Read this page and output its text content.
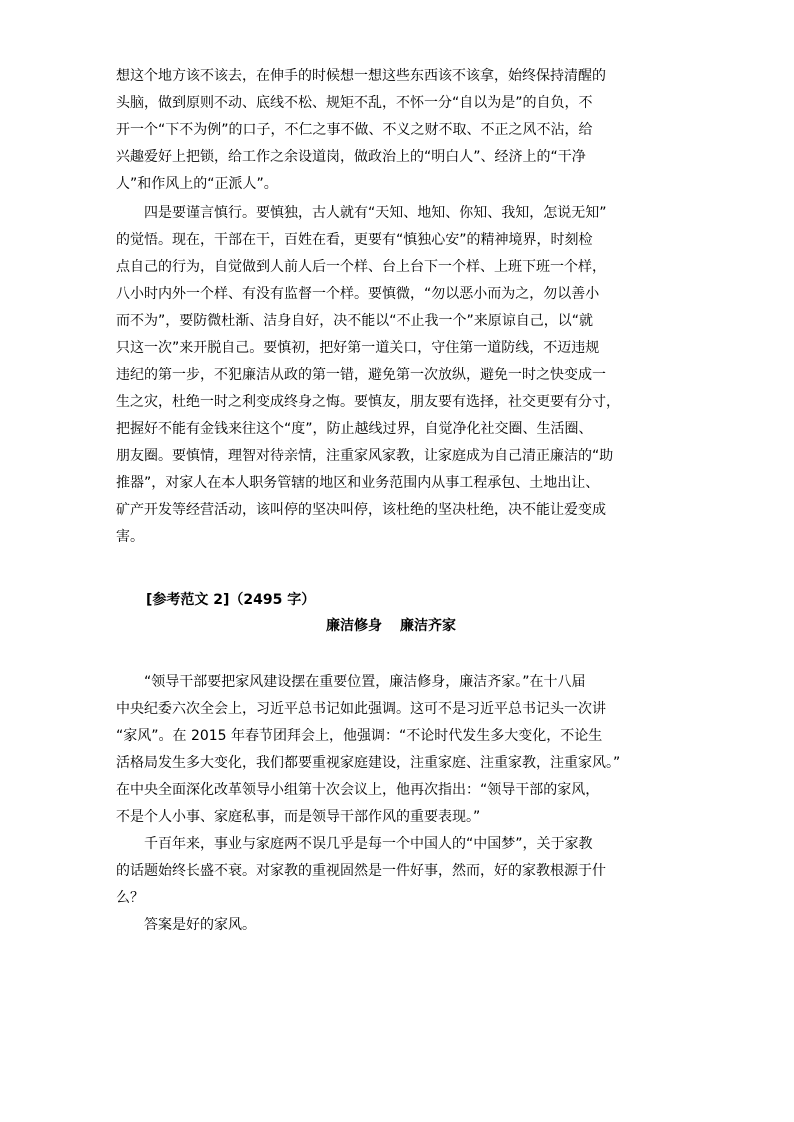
想这个地方该不该去，在伸手的时候想一想这些东西该不该拿，始终保持清醒的
头脑，做到原则不动、底线不松、规矩不乱，不怀一分“自以为是”的自负，不
开一个“下不为例”的口子，不仁之事不做、不义之财不取、不正之风不沾，给
兴趣爱好上把锁，给工作之余设道岗，做政治上的“明白人”、经济上的“干净
人”和作风上的“正派人”。
四是要谨言慎行。要慎独，古人就有“天知、地知、你知、我知，怎说无知”
的觉悟。现在，干部在干，百姓在看，更要有“慎独心安”的精神境界，时刻检
点自己的行为，自觉做到人前人后一个样、台上台下一个样、上班下班一个样，
八小时内外一个样、有没有监督一个样。要慎微，“勿以恶小而为之，勿以善小
而不为”，要防微杜渐、洁身自好，决不能以“不止我一个”来原谅自己，以“就
只这一次”来开脱自己。要慎初，把好第一道关口，守住第一道防线，不迈违规
违纪的第一步，不犯廉洁从政的第一错，避免第一次放纵，避免一时之快变成一
生之灾，杜绝一时之利变成终身之悔。要慎友，朋友要有选择，社交更要有分寸，
把握好不能有金钱来往这个“度”，防止越线过界，自觉净化社交圈、生活圈、
朋友圈。要慎情，理智对待亲情，注重家风家教，让家庭成为自己清正廉洁的“助
推器”，对家人在本人职务管辖的地区和业务范围内从事工程承包、土地出让、
矿产开发等经营活动，该叫停的坚决叫停，该杜绝的坚决杜绝，决不能让爱变成
害。
[参考范文 2]（2495 字）
廉洁修身 廉洁齐家
“领导干部要把家风建设摆在重要位置，廉洁修身，廉洁齐家。”在十八届
中央纪委六次全会上，习近平总书记如此强调。这可不是习近平总书记头一次讲
“家风”。在 2015 年春节团拜会上，他强调：“不论时代发生多大变化，不论生
活格局发生多大变化，我们都要重视家庭建设，注重家庭、注重家教，注重家风。”
在中央全面深化改革领导小组第十次会议上，他再次指出：“领导干部的家风，
不是个人小事、家庭私事，而是领导干部作风的重要表现。”
千百年来，事业与家庭两不误几乎是每一个中国人的“中国梦”，关于家教
的话题始终长盛不衰。对家教的重视固然是一件好事，然而，好的家教根源于什
么？
答案是好的家风。
